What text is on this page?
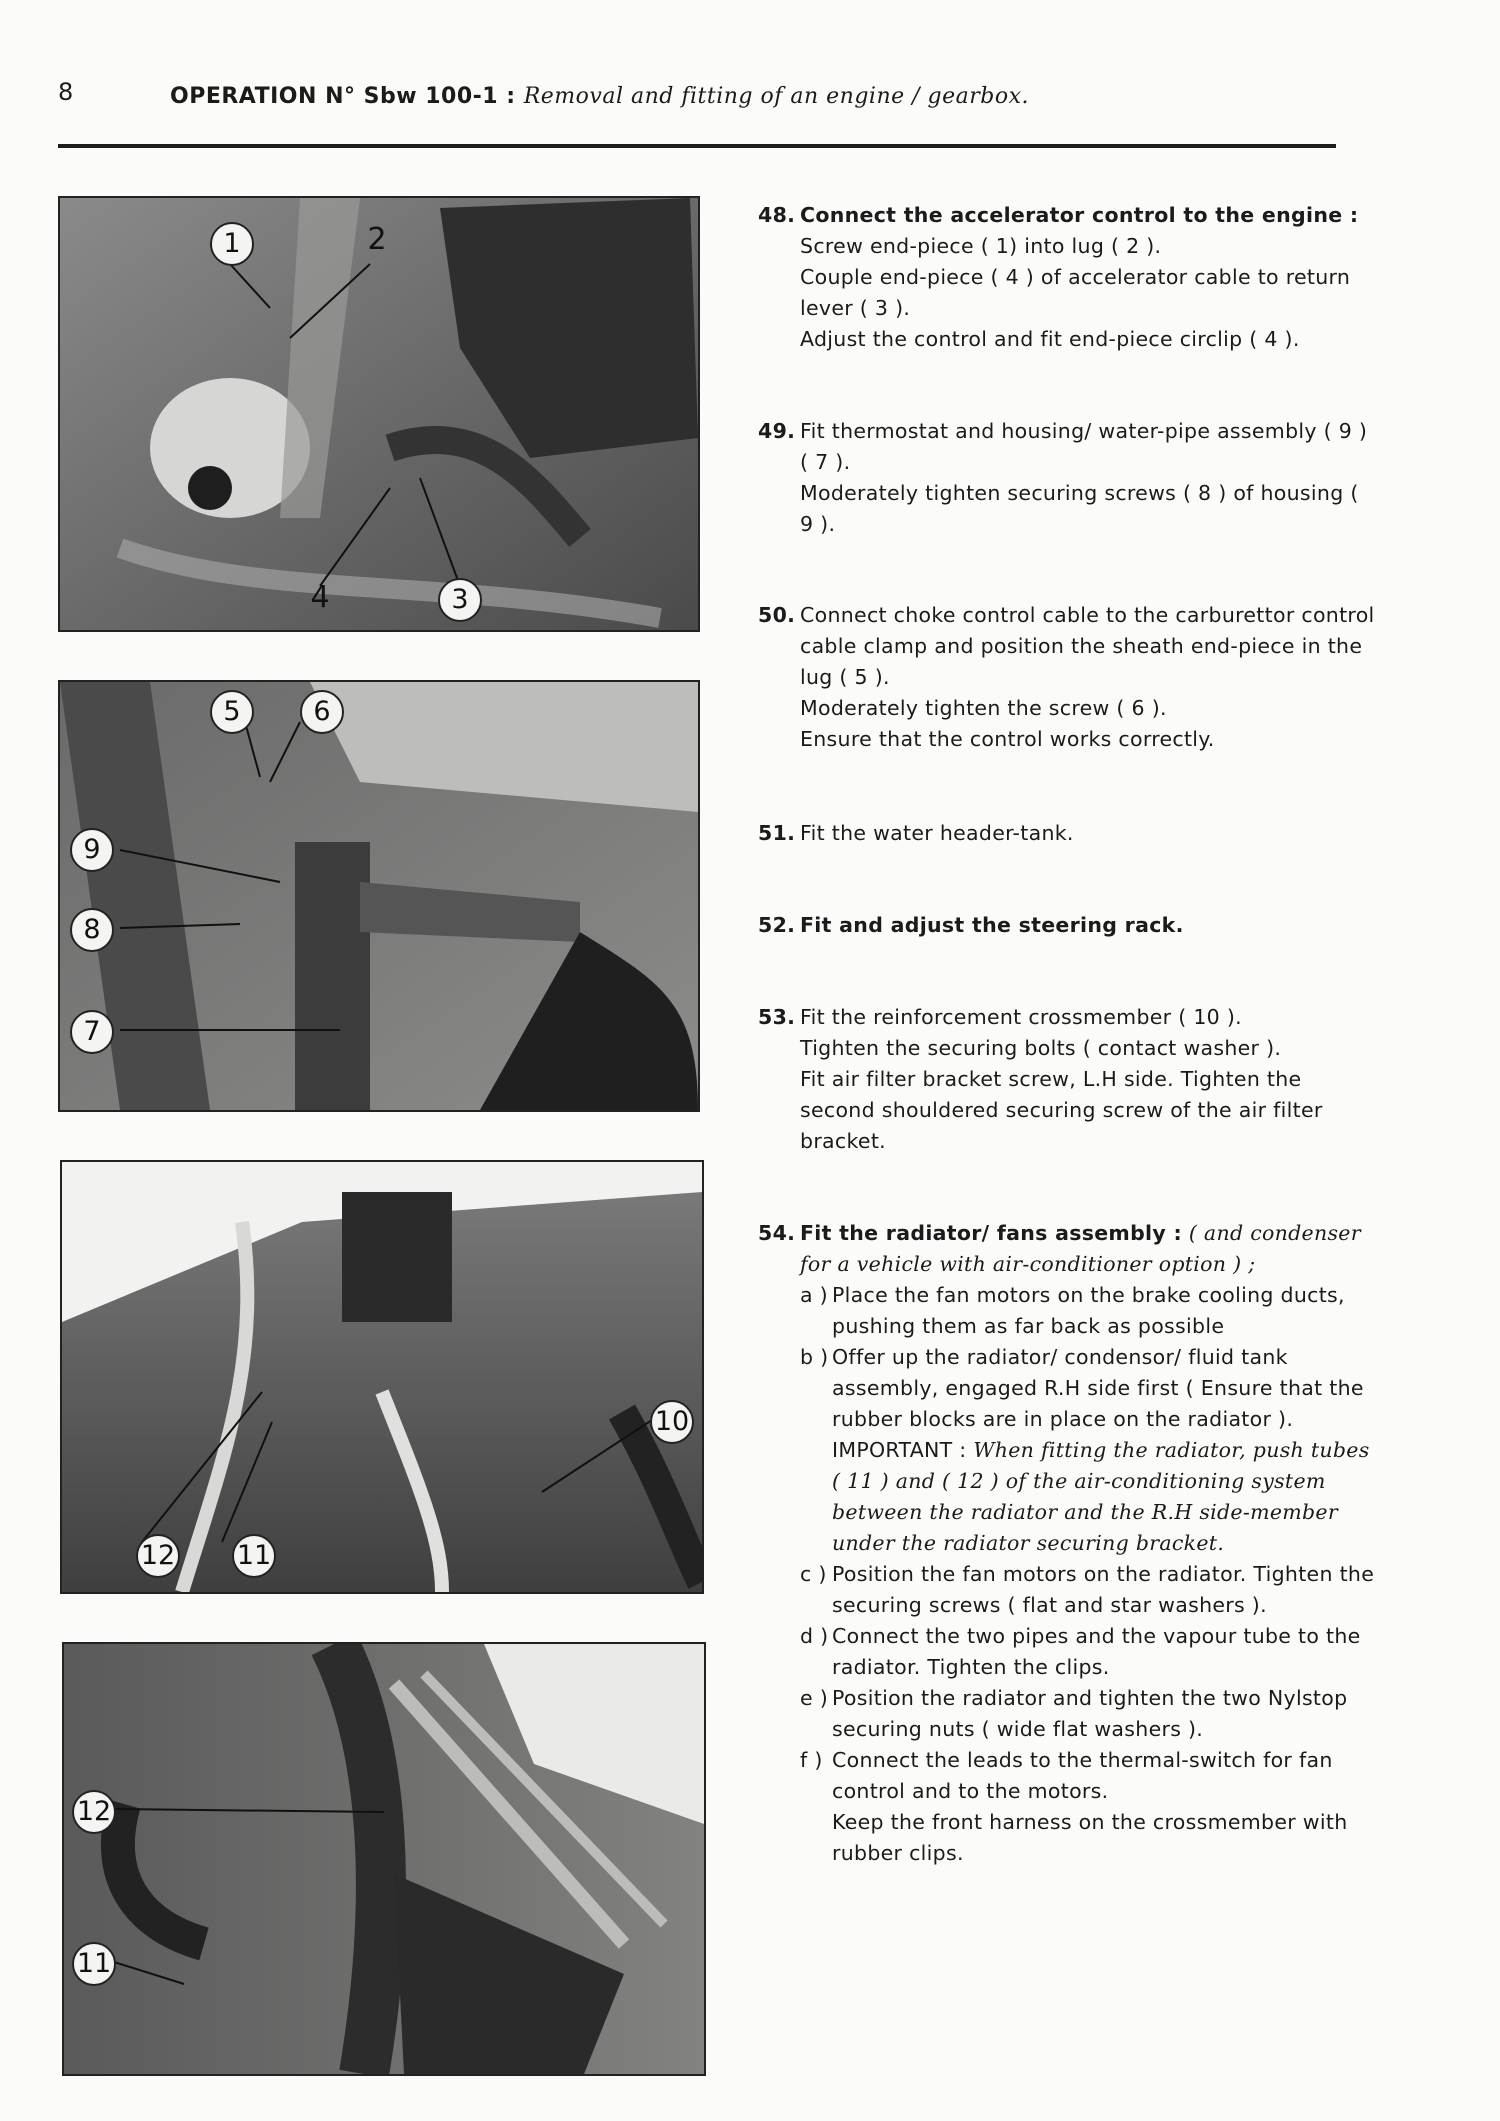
8	OPERATION N° Sbw 100-1 : Removal and fitting of an engine / gearbox.
1	2
4	3
5	6
9
8
7
10
12 11
12
11
48. Connect the accelerator control to the engine :
Screw end-piece ( 1) into lug ( 2 ).
Couple end-piece ( 4 ) of accelerator cable to return lever ( 3 ).
Adjust the control and fit end-piece circlip ( 4 ).
49. Fit thermostat and housing/ water-pipe assembly ( 9 ) ( 7 ).
Moderately tighten securing screws ( 8 ) of housing ( 9 ).
50. Connect choke control cable to the carburettor control cable clamp and position the sheath end-piece in the lug ( 5 ).
Moderately tighten the screw ( 6 ).
Ensure that the control works correctly.
51. Fit the water header-tank.
52. Fit and adjust the steering rack.
53. Fit the reinforcement crossmember ( 10 ).
Tighten the securing bolts ( contact washer ).
Fit air filter bracket screw, L.H side. Tighten the second shouldered securing screw of the air filter bracket.
54. Fit the radiator/ fans assembly : ( and condenser for a vehicle with air-conditioner option ) ;
a ) Place the fan motors on the brake cooling ducts, pushing them as far back as possible
b ) Offer up the radiator/ condensor/ fluid tank assembly, engaged R.H side first ( Ensure that the rubber blocks are in place on the radiator ).
IMPORTANT : When fitting the radiator, push tubes ( 11 ) and ( 12 ) of the air-conditioning system between the radiator and the R.H side-member under the radiator securing bracket.
c ) Position the fan motors on the radiator. Tighten the securing screws ( flat and star washers ).
d ) Connect the two pipes and the vapour tube to the radiator. Tighten the clips.
e ) Position the radiator and tighten the two Nylstop securing nuts ( wide flat washers ).
f ) Connect the leads to the thermal-switch for fan control and to the motors.
Keep the front harness on the crossmember with rubber clips.
